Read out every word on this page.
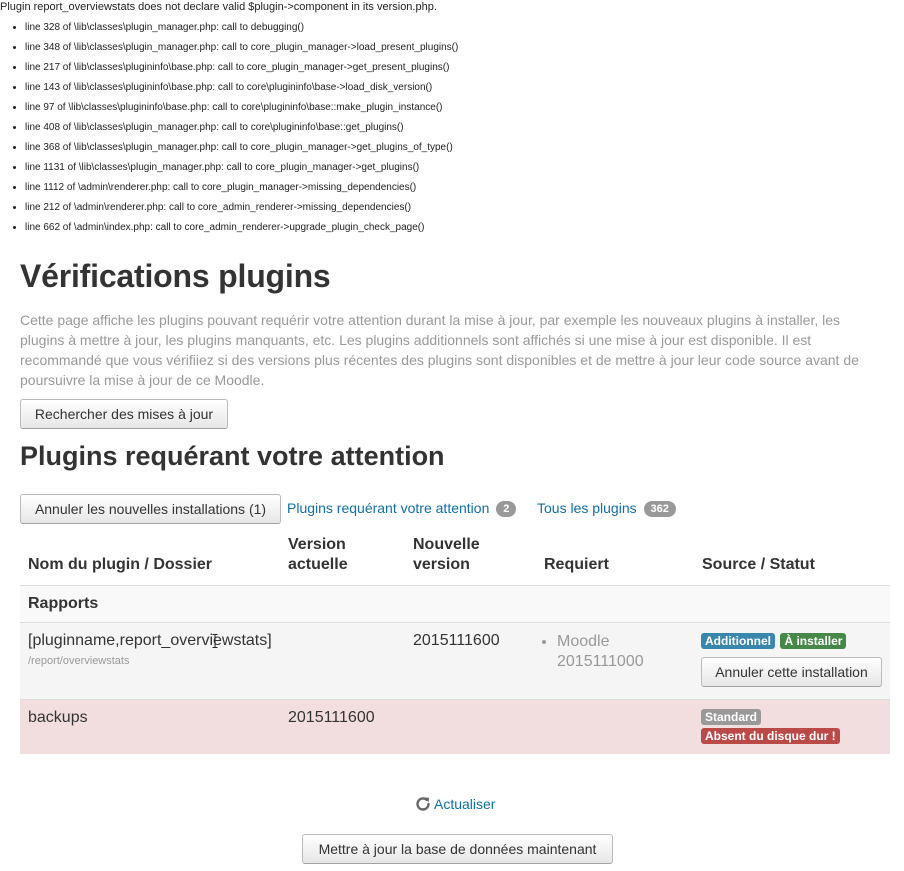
Plugin report_overviewstats does not declare valid $plugin->component in its version.php.
• line 328 of \lib\classes\plugin_manager.php: call to debugging()
• line 348 of \lib\classes\plugin_manager.php: call to core_plugin_manager->load_present_plugins()
• line 217 of \lib\classes\plugininfo\base.php: call to core_plugin_manager->get_present_plugins()
• line 143 of \lib\classes\plugininfo\base.php: call to core\plugininfo\base->load_disk_version()
• line 97 of \lib\classes\plugininfo\base.php: call to core\plugininfo\base::make_plugin_instance()
• line 408 of \lib\classes\plugin_manager.php: call to core\plugininfo\base::get_plugins()
• line 368 of \lib\classes\plugin_manager.php: call to core_plugin_manager->get_plugins_of_type()
• line 1131 of \lib\classes\plugin_manager.php: call to core_plugin_manager->get_plugins()
• line 1112 of \admin\renderer.php: call to core_plugin_manager->missing_dependencies()
• line 212 of \admin\renderer.php: call to core_admin_renderer->missing_dependencies()
• line 662 of \admin\index.php: call to core_admin_renderer->upgrade_plugin_check_page()
Vérifications plugins

Cette page affiche les plugins pouvant requérir votre attention durant la mise à jour, par exemple les nouveaux plugins à installer, les plugins à mettre à jour, les plugins manquants, etc. Les plugins additionnels sont affichés si une mise à jour est disponible. Il est recommandé que vous vérifiiez si des versions plus récentes des plugins sont disponibles et de mettre à jour leur code source avant de poursuivre la mise à jour de ce Moodle.

Rechercher des mises à jour
Plugins requérant votre attention
Annuler les nouvelles installations (1)	Plugins requérant votre attention 2	Tous les plugins 362
Nom du plugin / Dossier
Version
actuelle
Nouvelle
version	Requiert	Source / Statut
Rapports
[pluginname,report_overviewstats]
/report/overviewstats
2015111600
•	Moodle 2015111000
Additionnel À installer
Annuler cette installation
backups	2015111600	Standard
Absent du disque dur !
Actualiser
Mettre à jour la base de données maintenant
